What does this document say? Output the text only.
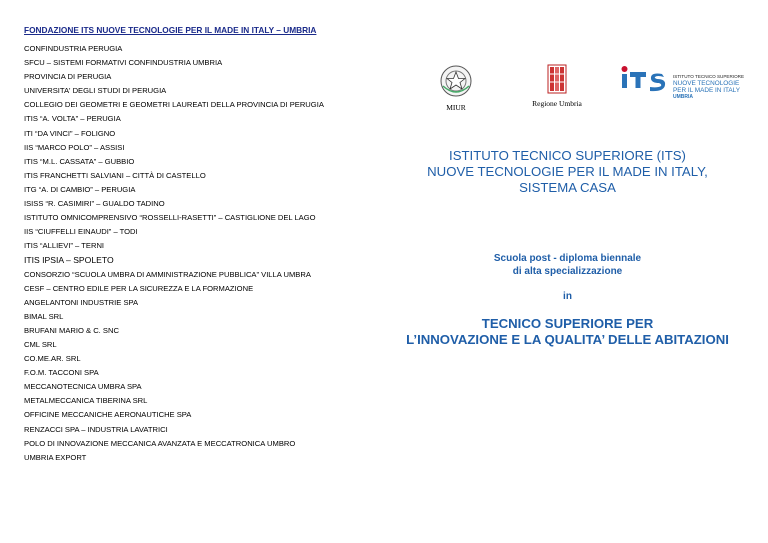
FONDAZIONE ITS NUOVE TECNOLOGIE PER IL MADE IN ITALY – UMBRIA
CONFINDUSTRIA PERUGIA
SFCU – SISTEMI FORMATIVI CONFINDUSTRIA UMBRIA
PROVINCIA DI PERUGIA
UNIVERSITA' DEGLI STUDI DI PERUGIA
COLLEGIO DEI GEOMETRI E GEOMETRI LAUREATI DELLA PROVINCIA DI PERUGIA
ITIS “A. VOLTA” – PERUGIA
ITI “DA VINCI” – FOLIGNO
IIS “MARCO POLO” – ASSISI
ITIS “M.L. CASSATA” – GUBBIO
ITIS FRANCHETTI SALVIANI – CITTÀ DI CASTELLO
ITG “A. DI CAMBIO” – PERUGIA
ISISS “R. CASIMIRI” – GUALDO TADINO
ISTITUTO OMNICOMPRENSIVO “ROSSELLI-RASETTI” – CASTIGLIONE DEL LAGO
IIS “CIUFFELLI EINAUDI” – TODI
ITIS “ALLIEVI” – TERNI
ITIS IPSIA – SPOLETO
CONSORZIO “SCUOLA UMBRA DI AMMINISTRAZIONE PUBBLICA” VILLA UMBRA
CESF – CENTRO EDILE PER LA SICUREZZA E LA FORMAZIONE
ANGELANTONI INDUSTRIE SPA
BIMAL SRL
BRUFANI MARIO & C. SNC
CML SRL
CO.ME.AR. SRL
F.O.M. TACCONI SPA
MECCANOTECNICA UMBRA SPA
METALMECCANICA TIBERINA SRL
OFFICINE MECCANICHE AERONAUTICHE SPA
RENZACCI SPA – INDUSTRIA LAVATRICI
POLO DI INNOVAZIONE MECCANICA AVANZATA E MECCATRONICA UMBRO
UMBRIA EXPORT
MIUR	Regione Umbria
ISTITUTO TECNICO SUPERIORE
NUOVE TECNOLOGIE
PER IL MADE IN ITALY
UMBRIA
ISTITUTO TECNICO SUPERIORE (ITS)
NUOVE TECNOLOGIE PER IL MADE IN ITALY,
SISTEMA CASA
Scuola post - diploma biennale
di alta specializzazione
in
TECNICO SUPERIORE PER
L’INNOVAZIONE E LA QUALITA’ DELLE ABITAZIONI
